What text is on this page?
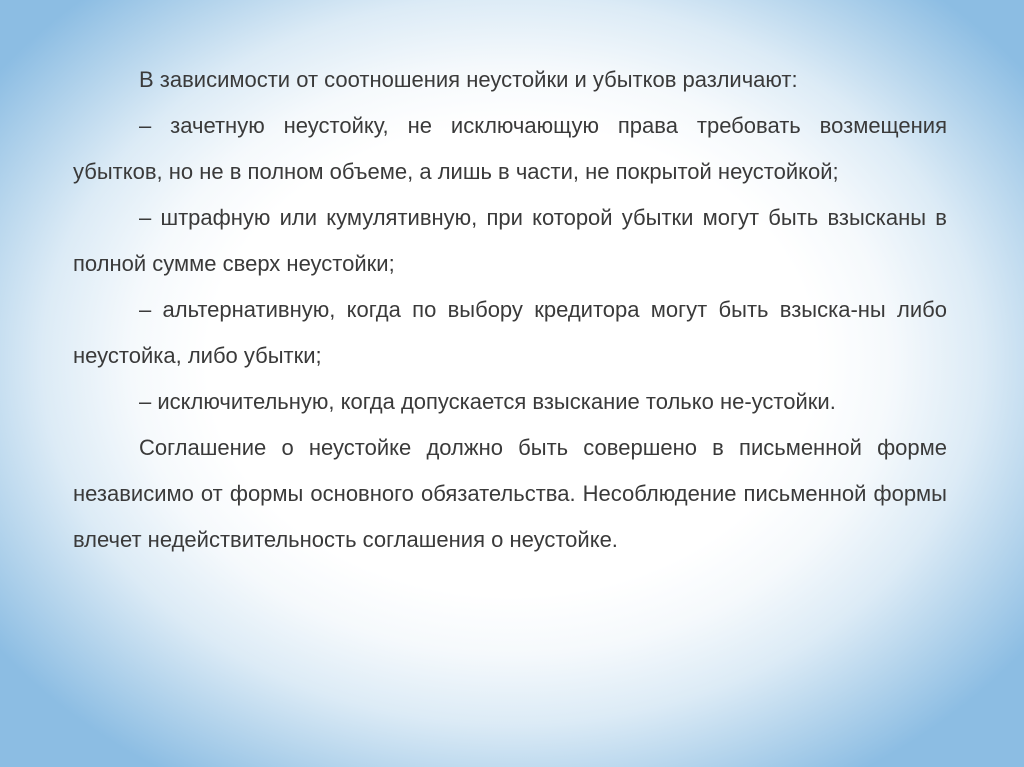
В зависимости от соотношения неустойки и убытков различают:

– зачетную неустойку, не исключающую права требовать возмещения убытков, но не в полном объеме, а лишь в части, не покрытой неустойкой;

– штрафную или кумулятивную, при которой убытки могут быть взысканы в полной сумме сверх неустойки;

– альтернативную, когда по выбору кредитора могут быть взыска-ны либо неустойка, либо убытки;

– исключительную, когда допускается взыскание только не-устойки.

Соглашение о неустойке должно быть совершено в письменной форме независимо от формы основного обязательства. Несоблюдение письменной формы влечет недействительность соглашения о неустойке.
